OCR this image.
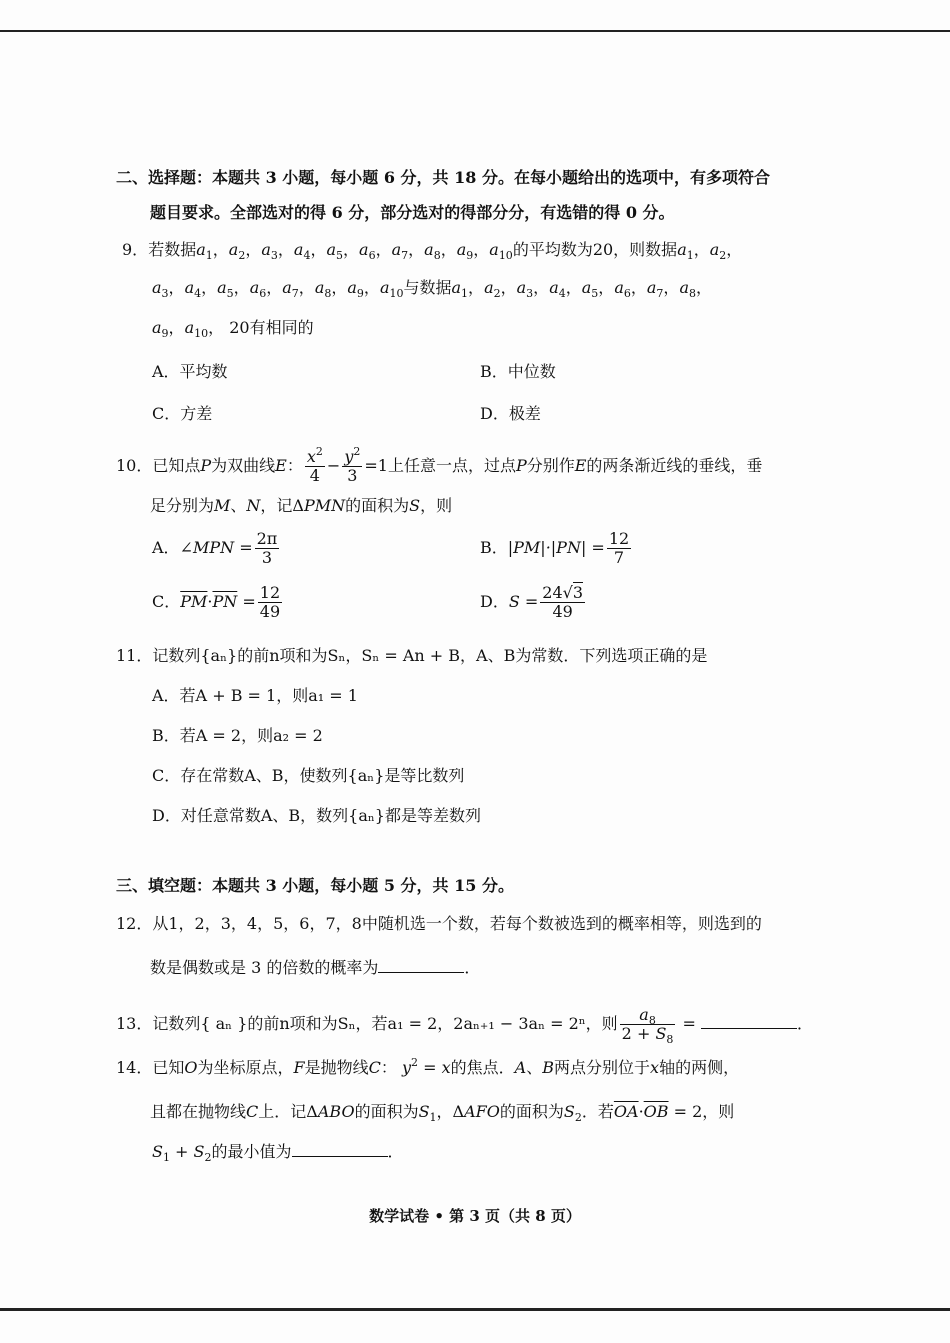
二、选择题：本题共 3 小题，每小题 6 分，共 18 分。在每小题给出的选项中，有多项符合
题目要求。全部选对的得 6 分，部分选对的得部分分，有选错的得 0 分。
9．若数据$a_1$，$a_2$，$a_3$，$a_4$，$a_5$，$a_6$，$a_7$，$a_8$，$a_9$，$a_{10}$的平均数为20，则数据$a_1$，$a_2$，
$a_3$，$a_4$，$a_5$，$a_6$，$a_7$，$a_8$，$a_9$，$a_{10}$与数据$a_1$，$a_2$，$a_3$，$a_4$，$a_5$，$a_6$，$a_7$，$a_8$，
$a_9$，$a_{10}$， 20有相同的
A．平均数	B．中位数
C．方差	D．极差
10．已知点P为双曲线E： $\frac{x^2}{4} - \frac{y^2}{3} =1$上任意一点，过点P分别作E的两条渐近线的垂线，垂
足分别为M、N，记ΔPMN的面积为S，则
A．∠MPN = $\frac{2\pi}{3}$	B．$|PM|\cdot|PN| = \frac{12}{7}$
C．$\overline{PM}\cdot\overline{PN} = \frac{12}{49}$	D．$S = \frac{24√3}{49}$
11．记数列{aₙ}的前n项和为Sₙ，Sₙ = An + B，A、B为常数．下列选项正确的是
A．若A + B = 1，则a₁ = 1
B．若A = 2，则a₂ = 2
C．存在常数A、B，使数列{aₙ}是等比数列
D．对任意常数A、B，数列{aₙ}都是等差数列
三、填空题：本题共 3 小题，每小题 5 分，共 15 分。
12．从1，2，3，4，5，6，7，8中随机选一个数，若每个数被选到的概率相等，则选到的
数是偶数或是 3 的倍数的概率为	．
13．记数列{ aₙ }的前n项和为Sₙ，若a₁ = 2，2aₙ₊₁ − 3aₙ = 2ⁿ，则 $\frac{a_8}{2 + S_8}$ =	．
14．已知O为坐标原点，F是抛物线C： $y^2 = x$的焦点．A、B两点分别位于x轴的两侧，
且都在抛物线C上．记ΔABO的面积为$S_1$，ΔAFO的面积为$S_2$．若$\overline{OA}\cdot\overline{OB} = 2$，则
$S_1 + S_2$的最小值为	．
数学试卷 • 第 3 页（共 8 页）
